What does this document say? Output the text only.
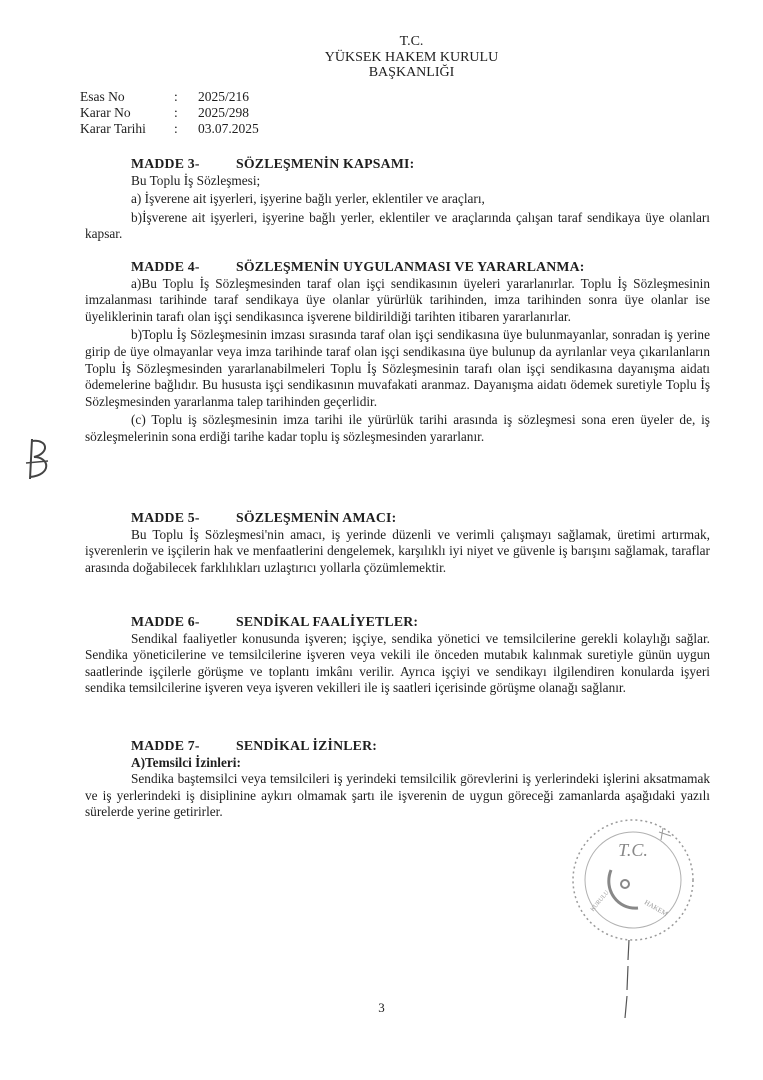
T.C.
YÜKSEK HAKEM KURULU
BAŞKANLIĞI
Esas No	:	2025/216
Karar No	:	2025/298
Karar Tarihi	:	03.07.2025
MADDE 3-	SÖZLEŞMENİN KAPSAMI:

Bu Toplu İş Sözleşmesi;

a) İşverene ait işyerleri, işyerine bağlı yerler, eklentiler ve araçları,

b)İşverene ait işyerleri, işyerine bağlı yerler, eklentiler ve araçlarında çalışan taraf sendikaya üye olanları kapsar.

MADDE 4-	SÖZLEŞMENİN UYGULANMASI VE YARARLANMA:

a)Bu Toplu İş Sözleşmesinden taraf olan işçi sendikasının üyeleri yararlanırlar. Toplu İş Sözleşmesinin imzalanması tarihinde taraf sendikaya üye olanlar yürürlük tarihinden, imza tarihinden sonra üye olanlar ise üyeliklerinin tarafı olan işçi sendikasınca işverene bildirildiği tarihten itibaren yararlanırlar.

b)Toplu İş Sözleşmesinin imzası sırasında taraf olan işçi sendikasına üye bulunmayanlar, sonradan iş yerine girip de üye olmayanlar veya imza tarihinde taraf olan işçi sendikasına üye bulunup da ayrılanlar veya çıkarılanların Toplu İş Sözleşmesinden yararlanabilmeleri Toplu İş Sözleşmesinin tarafı olan işçi sendikasına dayanışma aidatı ödemelerine bağlıdır. Bu hususta işçi sendikasının muvafakati aranmaz. Dayanışma aidatı ödemek suretiyle Toplu İş Sözleşmesinden yararlanma talep tarihinden geçerlidir.

(c) Toplu iş sözleşmesinin imza tarihi ile yürürlük tarihi arasında iş sözleşmesi sona eren üyeler de, iş sözleşmelerinin sona erdiği tarihe kadar toplu iş sözleşmesinden yararlanır.

MADDE 5-	SÖZLEŞMENİN AMACI:

Bu Toplu İş Sözleşmesi'nin amacı, iş yerinde düzenli ve verimli çalışmayı sağlamak, üretimi artırmak, işverenlerin ve işçilerin hak ve menfaatlerini dengelemek, karşılıklı iyi niyet ve güvenle iş barışını sağlamak, taraflar arasında doğabilecek farklılıkları uzlaştırıcı yollarla çözümlemektir.

MADDE 6-	SENDİKAL FAALİYETLER:

Sendikal faaliyetler konusunda işveren; işçiye, sendika yönetici ve temsilcilerine gerekli kolaylığı sağlar. Sendika yöneticilerine ve temsilcilerine işveren veya vekili ile önceden mutabık kalınmak suretiyle günün uygun saatlerinde işçilerle görüşme ve toplantı imkânı verilir. Ayrıca işçiyi ve sendikayı ilgilendiren konularda işyeri sendika temsilcilerine işveren veya işveren vekilleri ile iş saatleri içerisinde görüşme olanağı sağlanır.

MADDE 7-	SENDİKAL İZİNLER:

A)Temsilci İzinleri:

Sendika baştemsilci veya temsilcileri iş yerindeki temsilcilik görevlerini iş yerlerindeki işlerini aksatmamak ve iş yerlerindeki iş disiplinine aykırı olmamak şartı ile işverenin de uygun göreceği zamanlarda aşağıdaki yazılı sürelerde yerine getirirler.

T.C.
HAKEM
KURULU
3
